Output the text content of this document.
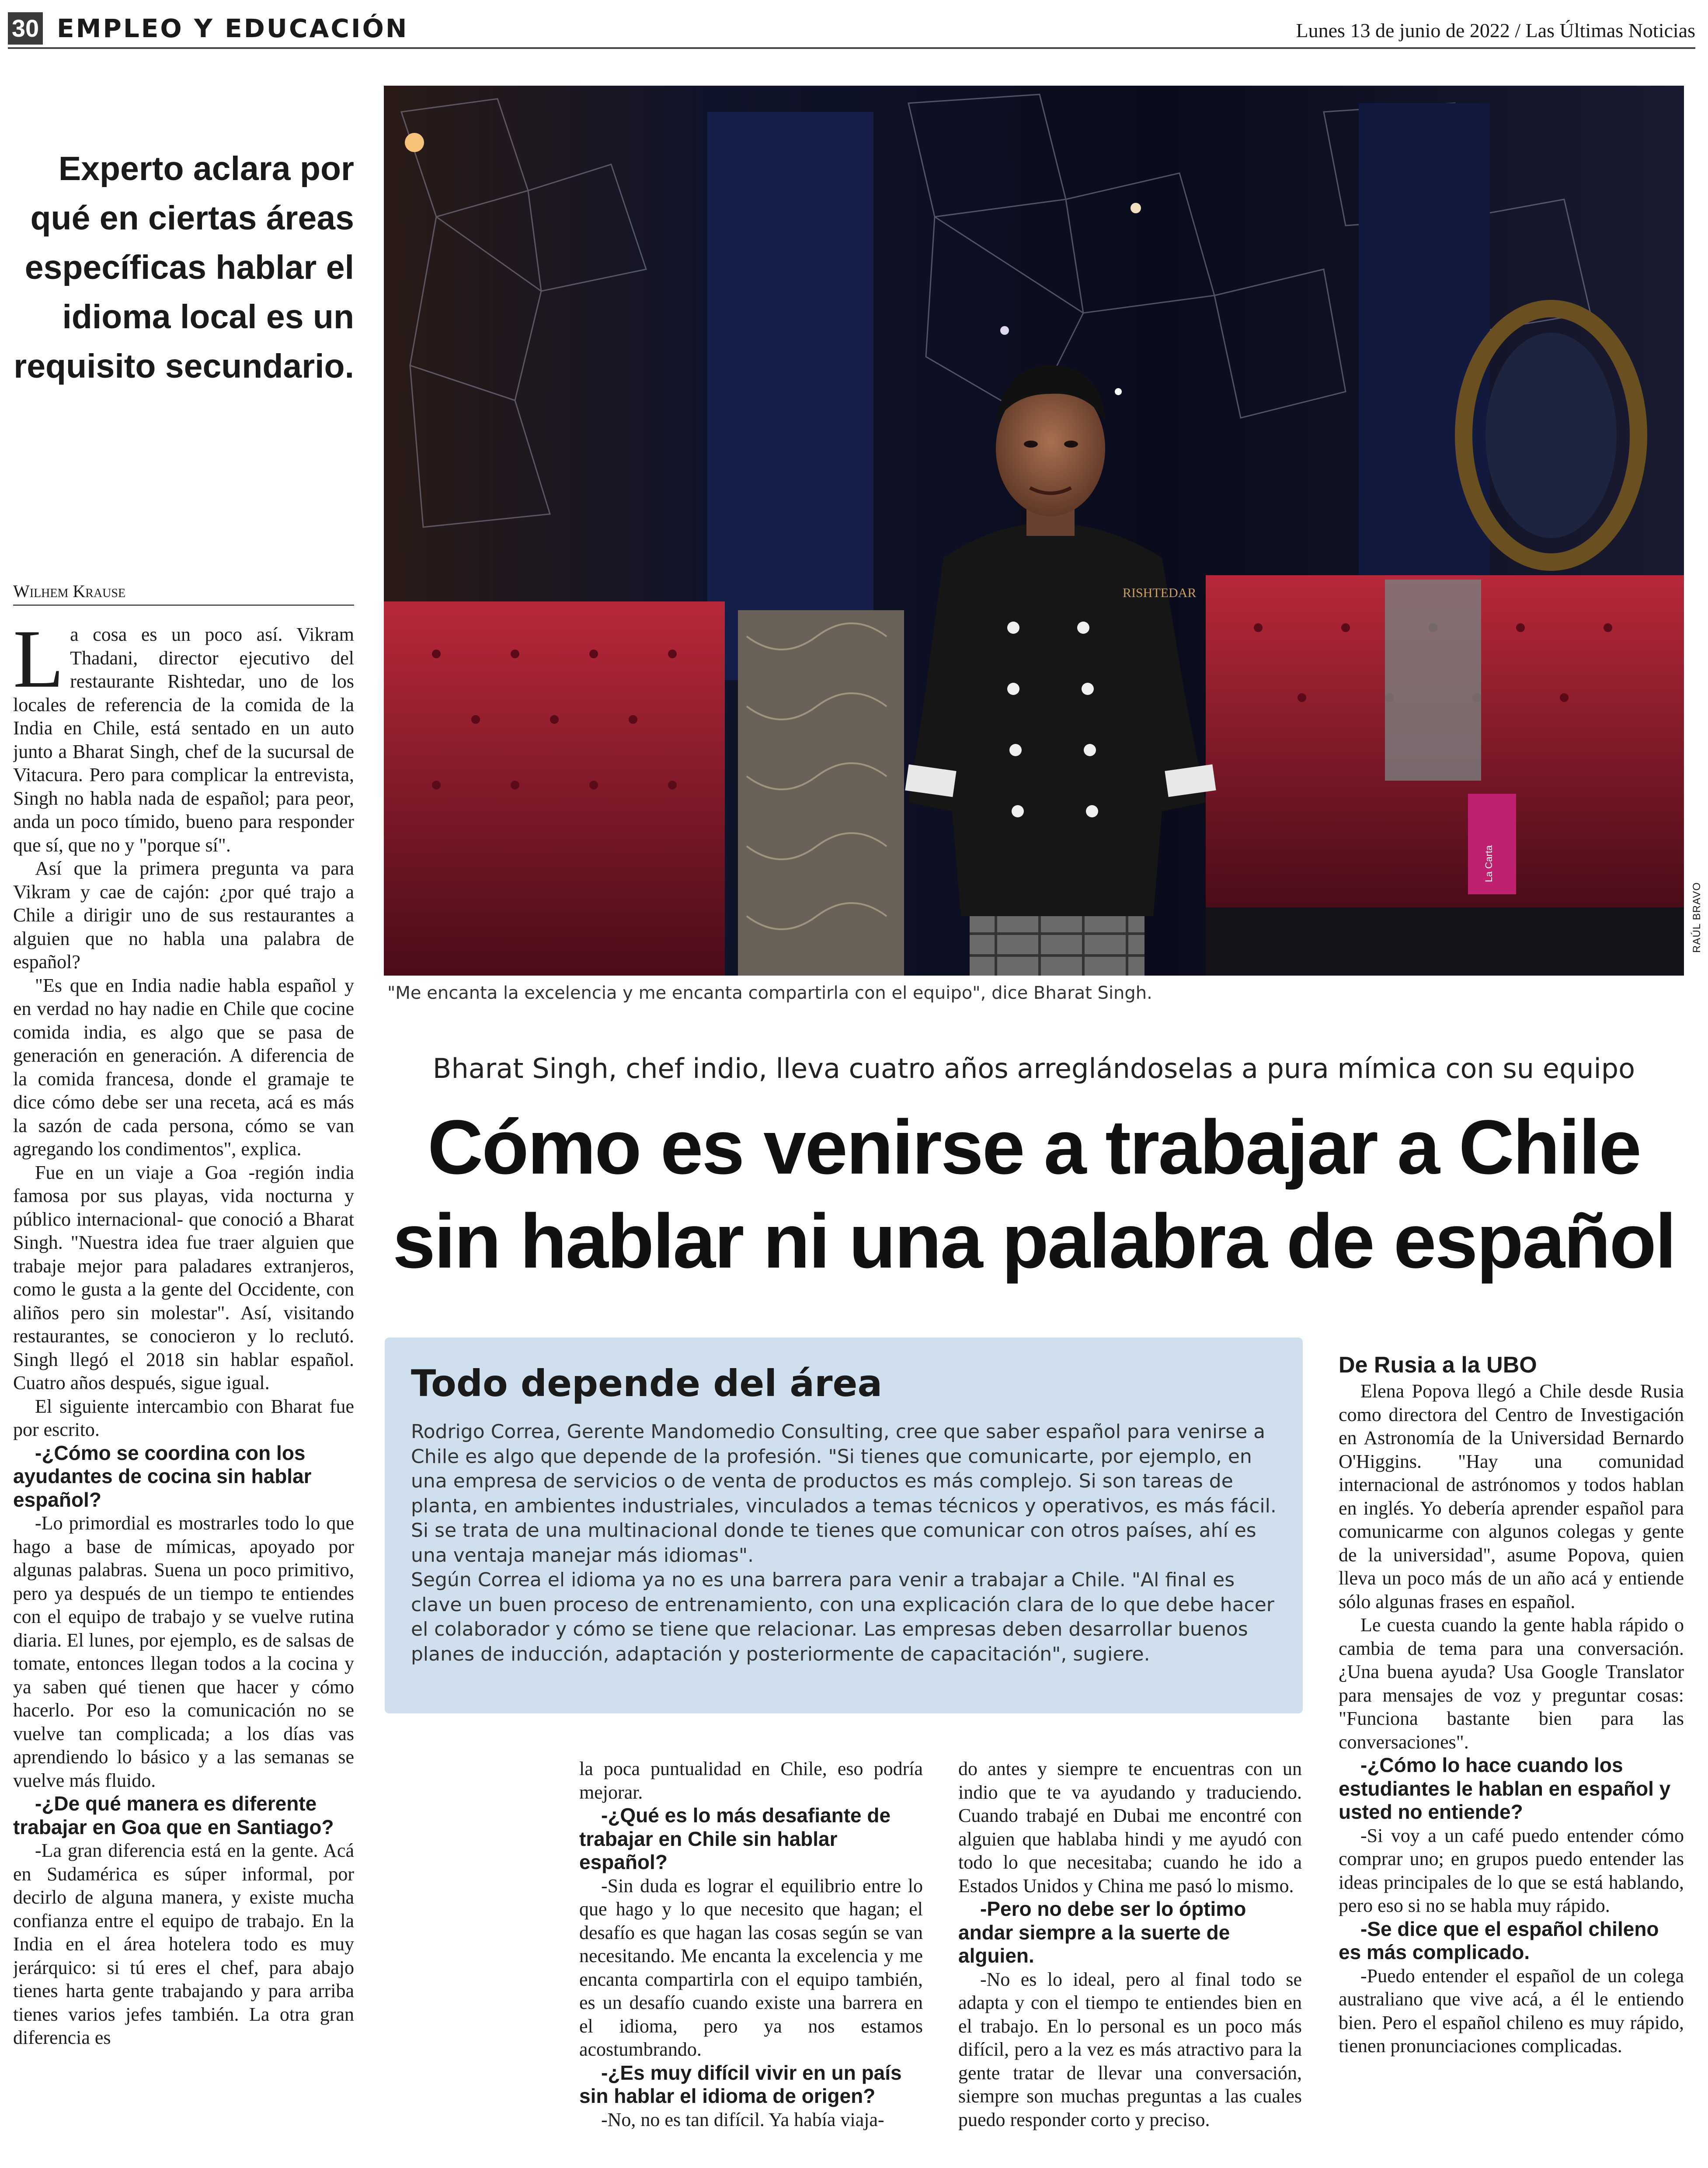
30 EMPLEO Y EDUCACIÓN	Lunes 13 de junio de 2022 / Las Últimas Noticias
Experto aclara por qué en ciertas áreas específicas hablar el idioma local es un requisito secundario.
La Carta
RISHTEDAR
RAÚL BRAVO
"Me encanta la excelencia y me encanta compartirla con el equipo", dice Bharat Singh.
Bharat Singh, chef indio, lleva cuatro años arreglándoselas a pura mímica con su equipo
Cómo es venirse a trabajar a Chile
sin hablar ni una palabra de español
Wilhem Krause

La cosa es un poco así. Vikram Thadani, director ejecutivo del restaurante Rishtedar, uno de los locales de referencia de la comida de la India en Chile, está sentado en un auto junto a Bharat Singh, chef de la sucursal de Vitacura. Pero para complicar la entrevista, Singh no habla nada de español; para peor, anda un poco tímido, bueno para responder que sí, que no y "porque sí".

Así que la primera pregunta va para Vikram y cae de cajón: ¿por qué trajo a Chile a dirigir uno de sus restaurantes a alguien que no habla una palabra de español?

"Es que en India nadie habla español y en verdad no hay nadie en Chile que cocine comida india, es algo que se pasa de generación en generación. A diferencia de la comida francesa, donde el gramaje te dice cómo debe ser una receta, acá es más la sazón de cada persona, cómo se van agregando los condimentos", explica.

Fue en un viaje a Goa -región india famosa por sus playas, vida nocturna y público internacional- que conoció a Bharat Singh. "Nuestra idea fue traer alguien que trabaje mejor para paladares extranjeros, como le gusta a la gente del Occidente, con aliños pero sin molestar". Así, visitando restaurantes, se conocieron y lo reclutó. Singh llegó el 2018 sin hablar español. Cuatro años después, sigue igual.

El siguiente intercambio con Bharat fue por escrito.

-¿Cómo se coordina con los ayudantes de cocina sin hablar español?

-Lo primordial es mostrarles todo lo que hago a base de mímicas, apoyado por algunas palabras. Suena un poco primitivo, pero ya después de un tiempo te entiendes con el equipo de trabajo y se vuelve rutina diaria. El lunes, por ejemplo, es de salsas de tomate, entonces llegan todos a la cocina y ya saben qué tienen que hacer y cómo hacerlo. Por eso la comunicación no se vuelve tan complicada; a los días vas aprendiendo lo básico y a las semanas se vuelve más fluido.

-¿De qué manera es diferente trabajar en Goa que en Santiago?

-La gran diferencia está en la gente. Acá en Sudamérica es súper informal, por decirlo de alguna manera, y existe mucha confianza entre el equipo de trabajo. En la India en el área hotelera todo es muy jerárquico: si tú eres el chef, para abajo tienes harta gente trabajando y para arriba tienes varios jefes también. La otra gran diferencia es

Todo depende del área

Rodrigo Correa, Gerente Mandomedio Consulting, cree que saber español para venirse a Chile es algo que depende de la profesión. "Si tienes que comunicarte, por ejemplo, en una empresa de servicios o de venta de productos es más complejo. Si son tareas de planta, en ambientes industriales, vinculados a temas técnicos y operativos, es más fácil. Si se trata de una multinacional donde te tienes que comunicar con otros países, ahí es una ventaja manejar más idiomas".

Según Correa el idioma ya no es una barrera para venir a trabajar a Chile. "Al final es clave un buen proceso de entrenamiento, con una explicación clara de lo que debe hacer el colaborador y cómo se tiene que relacionar. Las empresas deben desarrollar buenos planes de inducción, adaptación y posteriormente de capacitación", sugiere.

la poca puntualidad en Chile, eso podría mejorar.

-¿Qué es lo más desafiante de trabajar en Chile sin hablar español?

-Sin duda es lograr el equilibrio entre lo que hago y lo que necesito que hagan; el desafío es que hagan las cosas según se van necesitando. Me encanta la excelencia y me encanta compartirla con el equipo también, es un desafío cuando existe una barrera en el idioma, pero ya nos estamos acostumbrando.

-¿Es muy difícil vivir en un país sin hablar el idioma de origen?

-No, no es tan difícil. Ya había viaja-

do antes y siempre te encuentras con un indio que te va ayudando y traduciendo. Cuando trabajé en Dubai me encontré con alguien que hablaba hindi y me ayudó con todo lo que necesitaba; cuando he ido a Estados Unidos y China me pasó lo mismo.

-Pero no debe ser lo óptimo andar siempre a la suerte de alguien.

-No es lo ideal, pero al final todo se adapta y con el tiempo te entiendes bien en el trabajo. En lo personal es un poco más difícil, pero a la vez es más atractivo para la gente tratar de llevar una conversación, siempre son muchas preguntas a las cuales puedo responder corto y preciso.

De Rusia a la UBO

Elena Popova llegó a Chile desde Rusia como directora del Centro de Investigación en Astronomía de la Universidad Bernardo O'Higgins. "Hay una comunidad internacional de astrónomos y todos hablan en inglés. Yo debería aprender español para comunicarme con algunos colegas y gente de la universidad", asume Popova, quien lleva un poco más de un año acá y entiende sólo algunas frases en español.

Le cuesta cuando la gente habla rápido o cambia de tema para una conversación. ¿Una buena ayuda? Usa Google Translator para mensajes de voz y preguntar cosas: "Funciona bastante bien para las conversaciones".

-¿Cómo lo hace cuando los estudiantes le hablan en español y usted no entiende?

-Si voy a un café puedo entender cómo comprar uno; en grupos puedo entender las ideas principales de lo que se está hablando, pero eso si no se habla muy rápido.

-Se dice que el español chileno es más complicado.

-Puedo entender el español de un colega australiano que vive acá, a él le entiendo bien. Pero el español chileno es muy rápido, tienen pronunciaciones complicadas.
